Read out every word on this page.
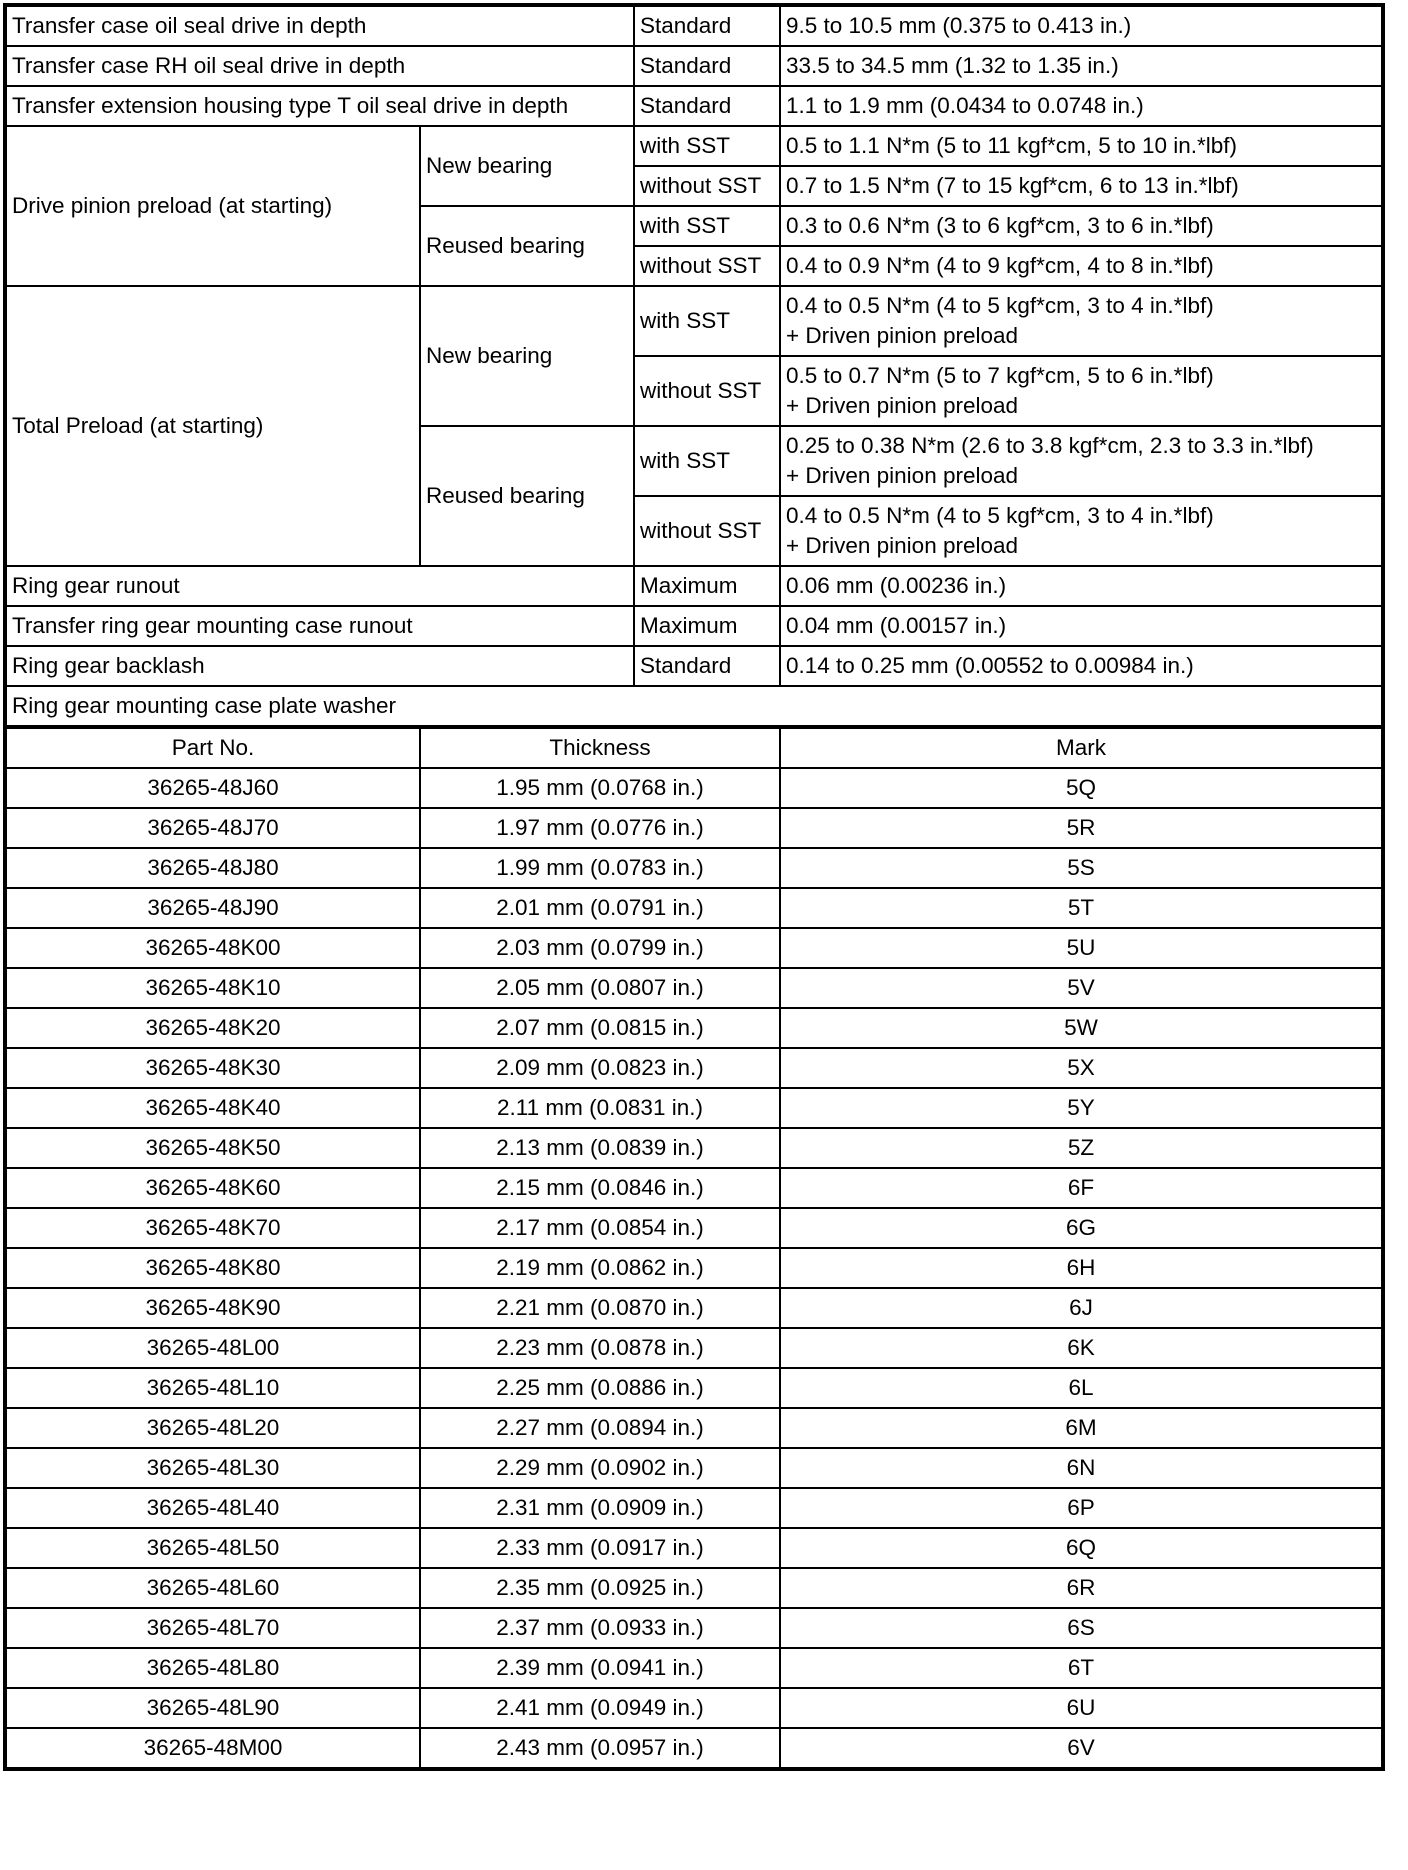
Transfer case oil seal drive in depth		Standard	9.5 to 10.5 mm (0.375 to 0.413 in.)
Transfer case RH oil seal drive in depth		Standard	33.5 to 34.5 mm (1.32 to 1.35 in.)
Transfer extension housing type T oil seal drive in depth		Standard	1.1 to 1.9 mm (0.0434 to 0.0748 in.)
Drive pinion preload (at starting)	New bearing	with SST	0.5 to 1.1 N*m (5 to 11 kgf*cm, 5 to 10 in.*lbf)
		without SST	0.7 to 1.5 N*m (7 to 15 kgf*cm, 6 to 13 in.*lbf)
	Reused bearing	with SST	0.3 to 0.6 N*m (3 to 6 kgf*cm, 3 to 6 in.*lbf)
		without SST	0.4 to 0.9 N*m (4 to 9 kgf*cm, 4 to 8 in.*lbf)
Total Preload (at starting)	New bearing	with SST	0.4 to 0.5 N*m (4 to 5 kgf*cm, 3 to 4 in.*lbf)
+ Driven pinion preload

		without SST	0.5 to 0.7 N*m (5 to 7 kgf*cm, 5 to 6 in.*lbf)
+ Driven pinion preload

	Reused bearing	with SST	0.25 to 0.38 N*m (2.6 to 3.8 kgf*cm, 2.3 to 3.3 in.*lbf)
+ Driven pinion preload

		without SST	0.4 to 0.5 N*m (4 to 5 kgf*cm, 3 to 4 in.*lbf)
+ Driven pinion preload

Ring gear runout		Maximum	0.06 mm (0.00236 in.)
Transfer ring gear mounting case runout		Maximum	0.04 mm (0.00157 in.)
Ring gear backlash		Standard	0.14 to 0.25 mm (0.00552 to 0.00984 in.)
Ring gear mounting case plate washer			
Part No.	Thickness	Mark
36265-48J60	1.95 mm (0.0768 in.)	5Q
36265-48J70	1.97 mm (0.0776 in.)	5R
36265-48J80	1.99 mm (0.0783 in.)	5S
36265-48J90	2.01 mm (0.0791 in.)	5T
36265-48K00	2.03 mm (0.0799 in.)	5U
36265-48K10	2.05 mm (0.0807 in.)	5V
36265-48K20	2.07 mm (0.0815 in.)	5W
36265-48K30	2.09 mm (0.0823 in.)	5X
36265-48K40	2.11 mm (0.0831 in.)	5Y
36265-48K50	2.13 mm (0.0839 in.)	5Z
36265-48K60	2.15 mm (0.0846 in.)	6F
36265-48K70	2.17 mm (0.0854 in.)	6G
36265-48K80	2.19 mm (0.0862 in.)	6H
36265-48K90	2.21 mm (0.0870 in.)	6J
36265-48L00	2.23 mm (0.0878 in.)	6K
36265-48L10	2.25 mm (0.0886 in.)	6L
36265-48L20	2.27 mm (0.0894 in.)	6M
36265-48L30	2.29 mm (0.0902 in.)	6N
36265-48L40	2.31 mm (0.0909 in.)	6P
36265-48L50	2.33 mm (0.0917 in.)	6Q
36265-48L60	2.35 mm (0.0925 in.)	6R
36265-48L70	2.37 mm (0.0933 in.)	6S
36265-48L80	2.39 mm (0.0941 in.)	6T
36265-48L90	2.41 mm (0.0949 in.)	6U
36265-48M00	2.43 mm (0.0957 in.)	6V
